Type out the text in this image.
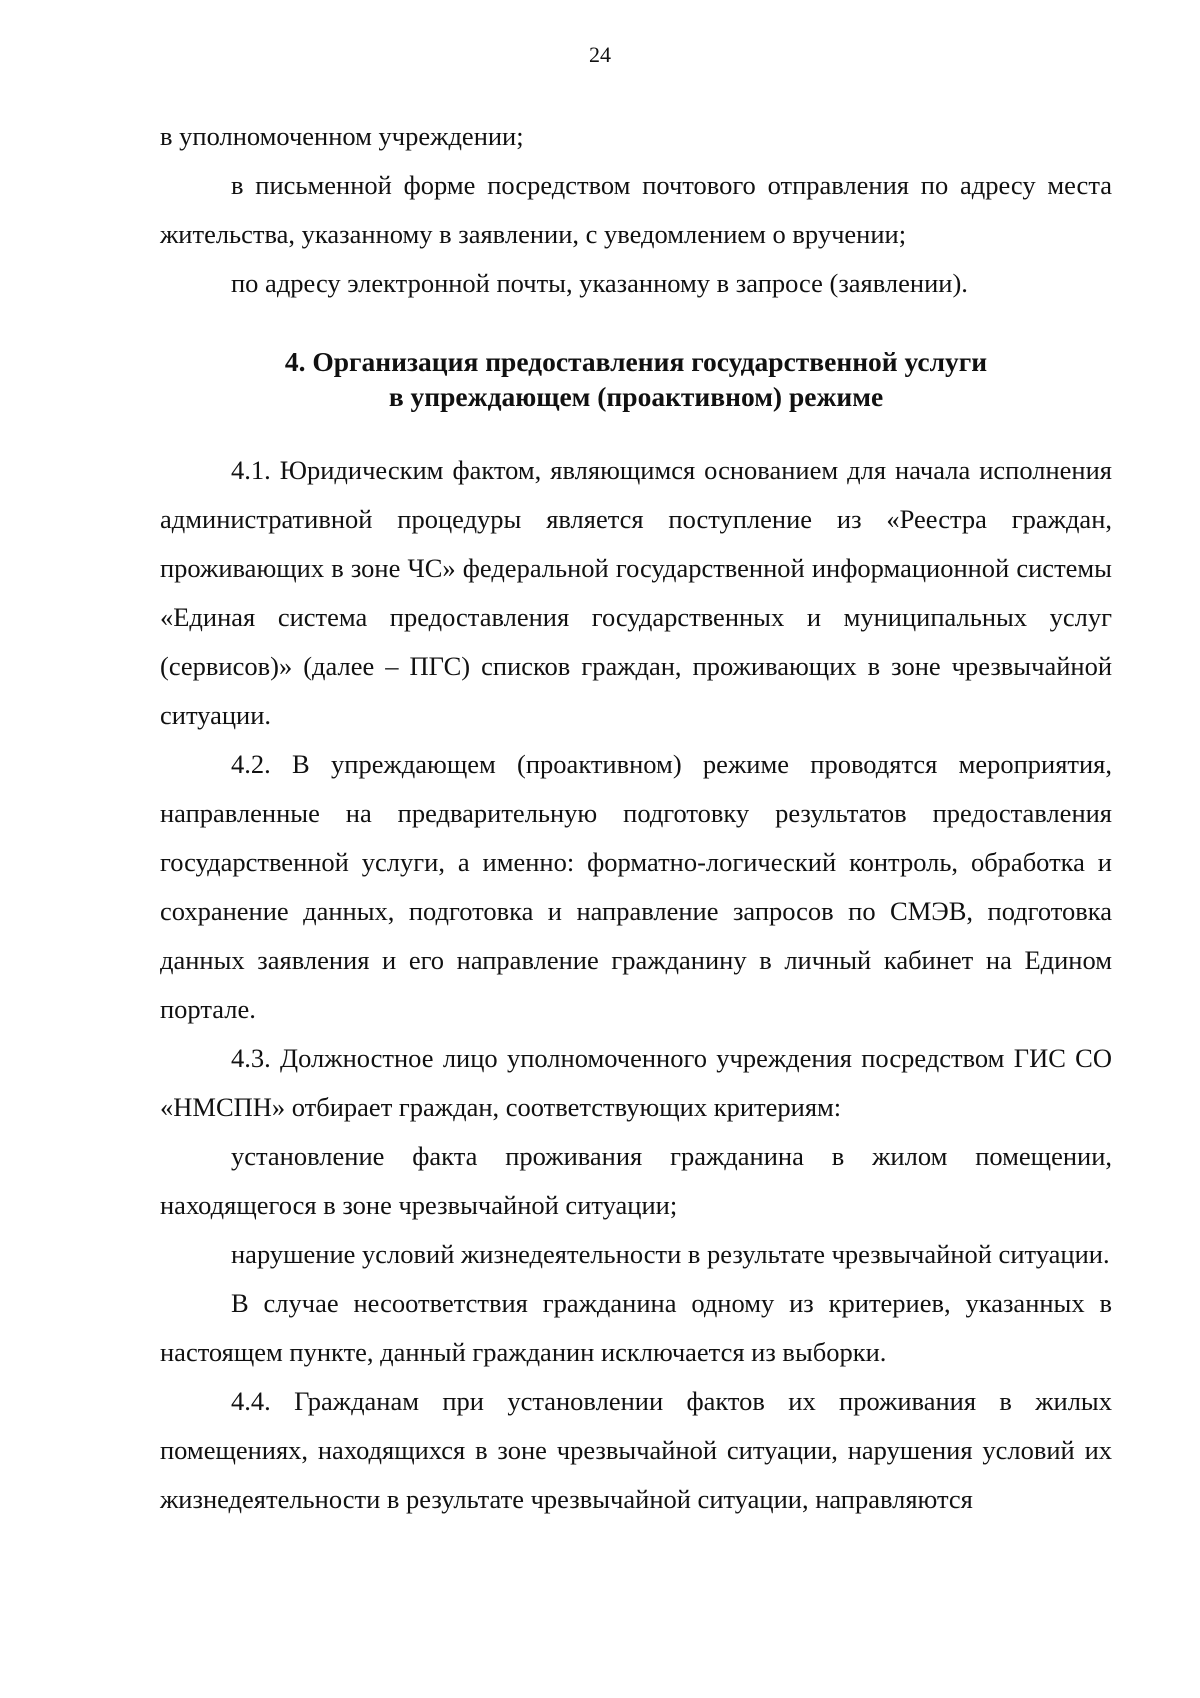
24

в уполномоченном учреждении;

в письменной форме посредством почтового отправления по адресу места жительства, указанному в заявлении, с уведомлением о вручении;

по адресу электронной почты, указанному в запросе (заявлении).

4. Организация предоставления государственной услуги
в упреждающем (проактивном) режиме

4.1. Юридическим фактом, являющимся основанием для начала исполнения административной процедуры является поступление из «Реестра граждан, проживающих в зоне ЧС» федеральной государственной информационной системы «Единая система предоставления государственных и муниципальных услуг (сервисов)» (далее – ПГС) списков граждан, проживающих в зоне чрезвычайной ситуации.

4.2. В упреждающем (проактивном) режиме проводятся мероприятия, направленные на предварительную подготовку результатов предоставления государственной услуги, а именно: форматно-логический контроль, обработка и сохранение данных, подготовка и направление запросов по СМЭВ, подготовка данных заявления и его направление гражданину в личный кабинет на Едином портале.

4.3. Должностное лицо уполномоченного учреждения посредством ГИС СО «НМСПН» отбирает граждан, соответствующих критериям:

установление факта проживания гражданина в жилом помещении, находящегося в зоне чрезвычайной ситуации;

нарушение условий жизнедеятельности в результате чрезвычайной ситуации.

В случае несоответствия гражданина одному из критериев, указанных в настоящем пункте, данный гражданин исключается из выборки.

4.4. Гражданам при установлении фактов их проживания в жилых помещениях, находящихся в зоне чрезвычайной ситуации, нарушения условий их жизнедеятельности в результате чрезвычайной ситуации, направляются
